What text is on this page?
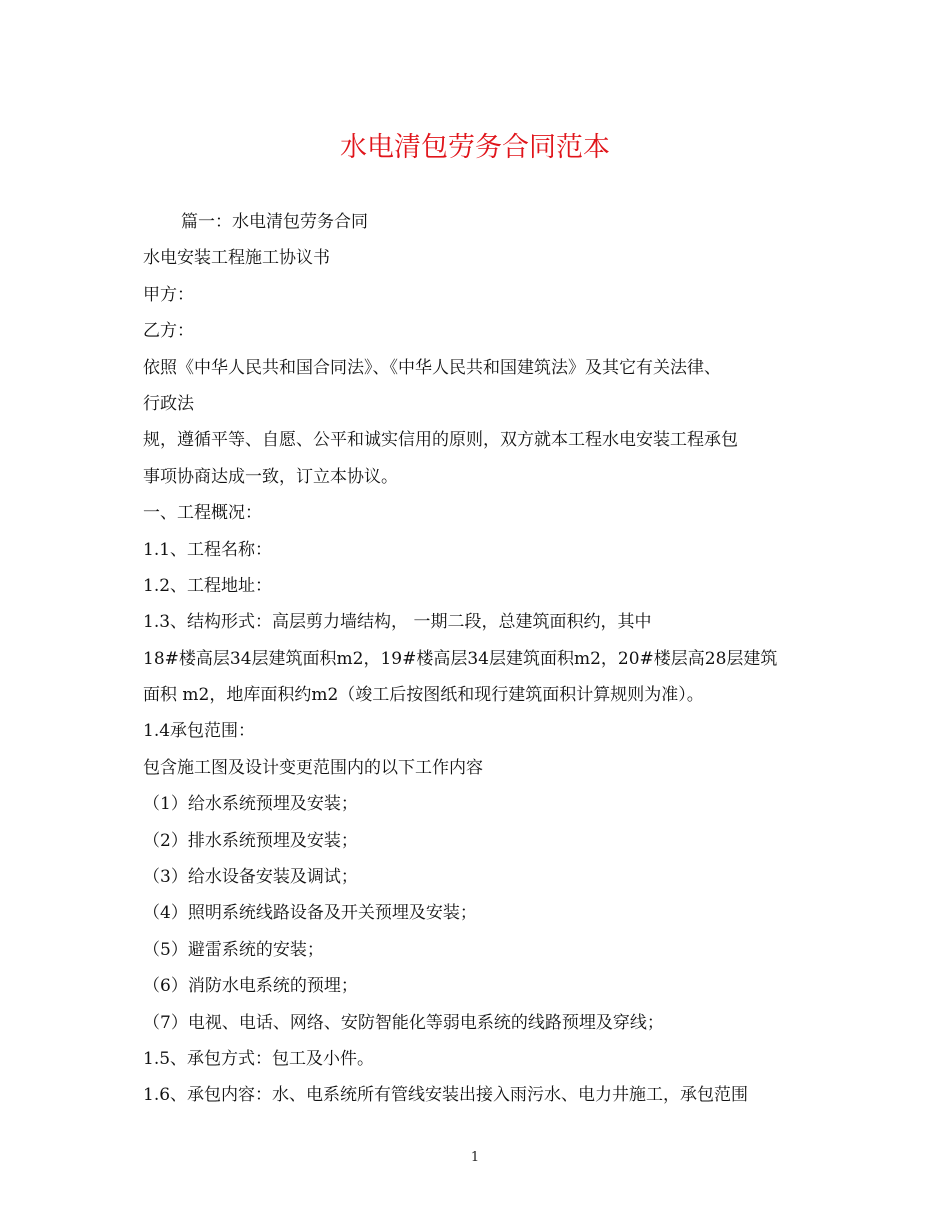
水电清包劳务合同范本
篇一：水电清包劳务合同
水电安装工程施工协议书
甲方：
乙方：
依照《中华人民共和国合同法》、《中华人民共和国建筑法》及其它有关法律、
行政法
规，遵循平等、自愿、公平和诚实信用的原则，双方就本工程水电安装工程承包
事项协商达成一致，订立本协议。
一、工程概况：
1.1、工程名称：
1.2、工程地址：
1.3、结构形式：高层剪力墙结构， 一期二段，总建筑面积约，其中
18#楼高层34层建筑面积m2，19#楼高层34层建筑面积m2，20#楼层高28层建筑
面积 m2，地库面积约m2（竣工后按图纸和现行建筑面积计算规则为准）。
1.4承包范围：
包含施工图及设计变更范围内的以下工作内容
（1）给水系统预埋及安装；
（2）排水系统预埋及安装；
（3）给水设备安装及调试；
（4）照明系统线路设备及开关预埋及安装；
（5）避雷系统的安装；
（6）消防水电系统的预埋；
（7）电视、电话、网络、安防智能化等弱电系统的线路预埋及穿线；
1.5、承包方式：包工及小件。
1.6、承包内容：水、电系统所有管线安装出接入雨污水、电力井施工，承包范围
1
